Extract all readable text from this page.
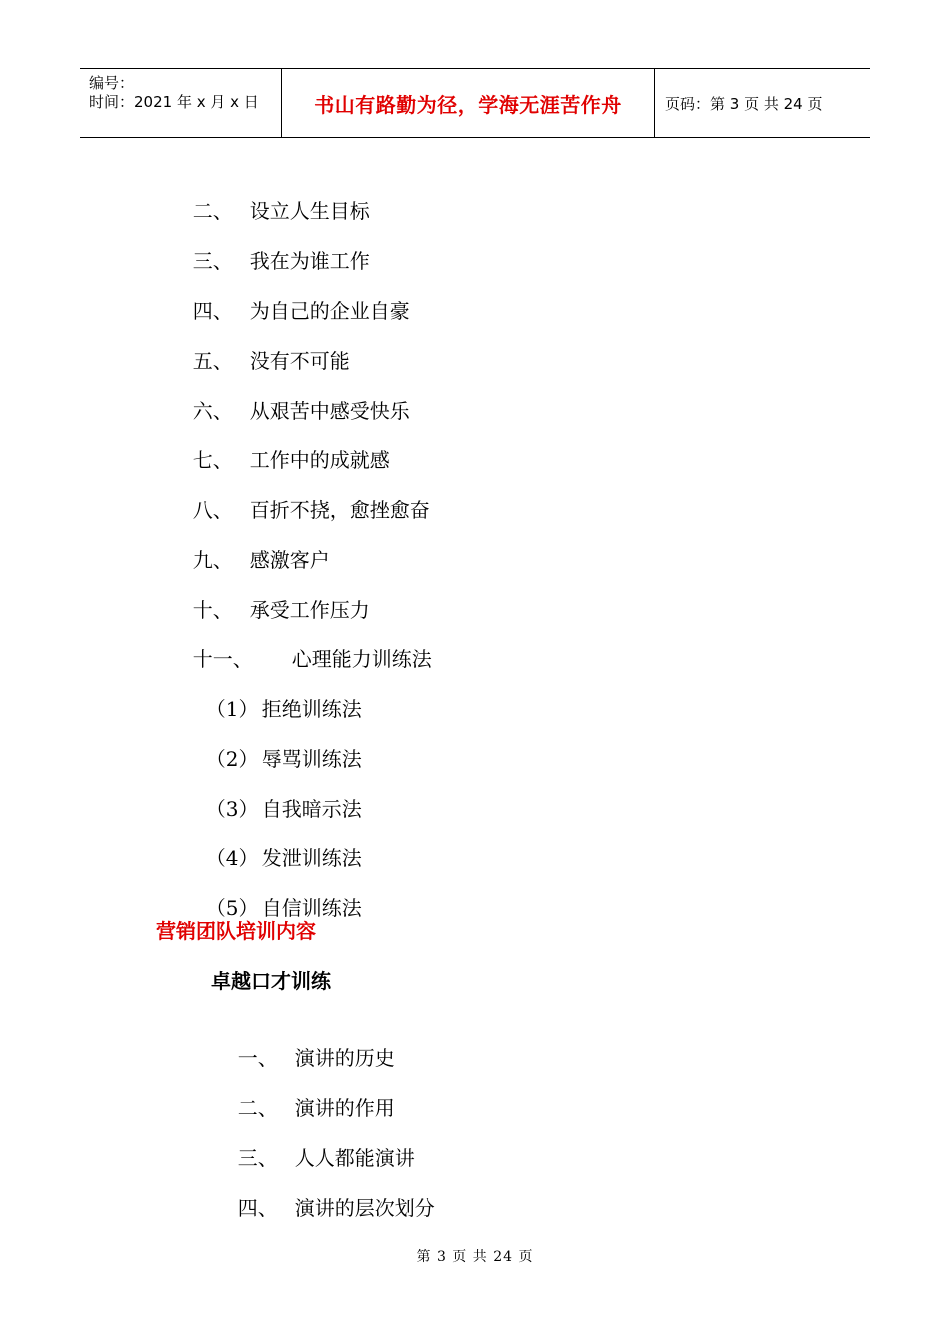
编号：
时间：2021 年 x 月 x 日	书山有路勤为径，学海无涯苦作舟	页码：第 3 页 共 24 页

二、 设立人生目标

三、 我在为谁工作

四、 为自己的企业自豪

五、 没有不可能

六、 从艰苦中感受快乐

七、 工作中的成就感

八、 百折不挠，愈挫愈奋

九、 感激客户

十、 承受工作压力

十一、 心理能力训练法

（1） 拒绝训练法

（2） 辱骂训练法

（3） 自我暗示法

（4） 发泄训练法

（5） 自信训练法

营销团队培训内容
卓越口才训练

一、 演讲的历史

二、 演讲的作用

三、 人人都能演讲

四、 演讲的层次划分

第 3 页 共 24 页
